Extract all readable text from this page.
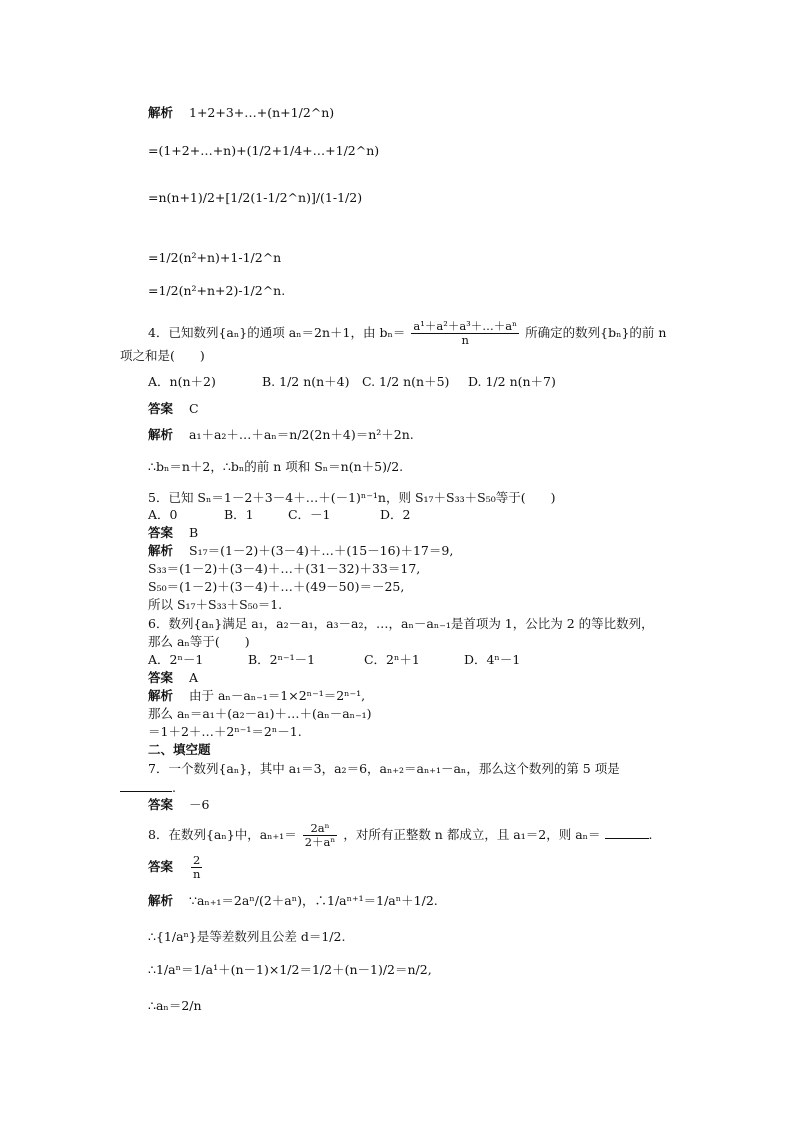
解析 1+2+3+…+(n+1/2^n)
=(1+2+…+n)+(1/2+1/4+…+1/2^n)
=n(n+1)/2+[1/2(1-1/2^n)]/(1-1/2)
=1/2(n²+n)+1-1/2^n
=1/2(n²+n+2)-1/2^n.
4．已知数列{aₙ}的通项 aₙ＝2n＋1，由 $b_n= \frac{\text{a¹＋a²＋a³＋…＋aⁿ}}{n}$ 所确定的数列{bₙ}的前 n
项之和是(　　)
A．n(n＋2)	B. 1/2 n(n＋4) C. 1/2 n(n＋5) D. 1/2 n(n＋7)
答案 C
解析 a₁＋a₂＋…＋aₙ＝n/2(2n＋4)＝n²＋2n.
∴bₙ＝n＋2，∴bₙ的前 n 项和 Sₙ＝n(n＋5)/2.
5．已知 Sₙ＝1－2＋3－4＋…＋(－1)ⁿ⁻¹n，则 S₁₇＋S₃₃＋S₅₀等于(　　)
A．0	B．1	C．－1	D．2
答案 B
解析 S₁₇＝(1－2)＋(3－4)＋…＋(15－16)＋17＝9,
S₃₃＝(1－2)＋(3－4)＋…＋(31－32)＋33＝17,
S₅₀＝(1－2)＋(3－4)＋…＋(49－50)＝－25,
所以 S₁₇＋S₃₃＋S₅₀＝1.
6．数列{aₙ}满足 a₁，a₂－a₁，a₃－a₂，…，aₙ－aₙ₋₁是首项为 1，公比为 2 的等比数列，
那么 aₙ等于(　　)
A．2ⁿ－1	B．2ⁿ⁻¹－1	C．2ⁿ＋1	D．4ⁿ－1
答案 A
解析 由于 aₙ－aₙ₋₁＝1×2ⁿ⁻¹＝2ⁿ⁻¹,
那么 aₙ＝a₁＋(a₂－a₁)＋…＋(aₙ－aₙ₋₁)
＝1＋2＋…＋2ⁿ⁻¹＝2ⁿ－1.
二、填空题
7．一个数列{aₙ}，其中 a₁＝3，a₂＝6，aₙ₊₂＝aₙ₊₁－aₙ，那么这个数列的第 5 项是
.
答案 －6
8．在数列{aₙ}中，$a_{n+1}= \frac{\text{2aⁿ}}{\text{2＋aⁿ}}$ ，对所有正整数 n 都成立，且 a₁＝2，则 aₙ＝	.
答案 $\frac{2}{n}$
解析 ∵aₙ₊₁＝2aⁿ/(2＋aⁿ)，∴1/aⁿ⁺¹＝1/aⁿ＋1/2.
∴{1/aⁿ}是等差数列且公差 d＝1/2.
∴1/aⁿ＝1/a¹＋(n－1)×1/2＝1/2＋(n－1)/2＝n/2,
∴aₙ＝2/n
